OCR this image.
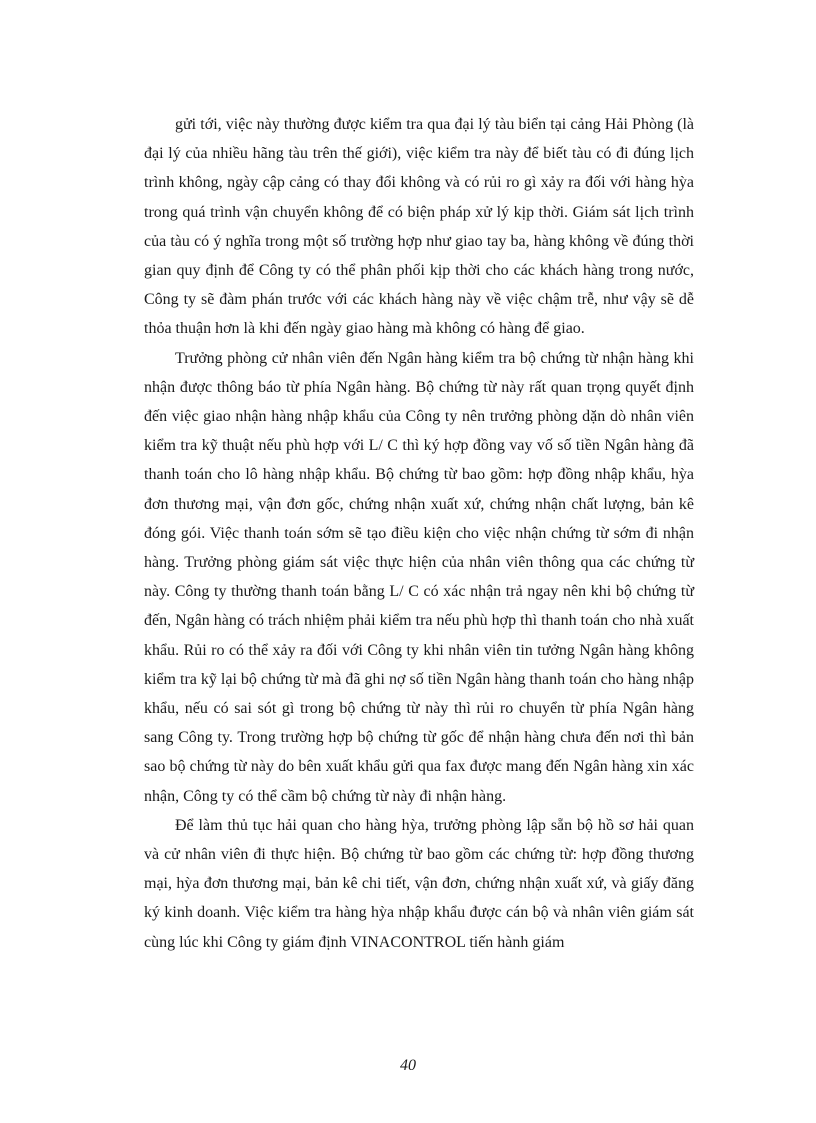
gửi tới, việc này thường được kiểm tra qua đại lý tàu biển tại cảng Hải Phòng (là đại lý của nhiều hãng tàu trên thế giới), việc kiểm tra này để biết tàu có đi đúng lịch trình không, ngày cập cảng có thay đổi không và có rủi ro gì xảy ra đối với hàng hỳa trong quá trình vận chuyển không để có biện pháp xử lý kịp thời. Giám sát lịch trình của tàu có ý nghĩa trong một số trường hợp như giao tay ba, hàng không về đúng thời gian quy định để Công ty có thể phân phối kịp thời cho các khách hàng trong nước, Công ty sẽ đàm phán trước với các khách hàng này về việc chậm trễ, như vậy sẽ dễ thỏa thuận hơn là khi đến ngày giao hàng mà không có hàng để giao.

Trưởng phòng cử nhân viên đến Ngân hàng kiểm tra bộ chứng từ nhận hàng khi nhận được thông báo từ phía Ngân hàng. Bộ chứng từ này rất quan trọng quyết định đến việc giao nhận hàng nhập khẩu của Công ty nên trưởng phòng dặn dò nhân viên kiểm tra kỹ thuật nếu phù hợp với L/ C thì ký hợp đồng vay vố số tiền Ngân hàng đã thanh toán cho lô hàng nhập khẩu. Bộ chứng từ bao gồm: hợp đồng nhập khẩu, hỳa đơn thương mại, vận đơn gốc, chứng nhận xuất xứ, chứng nhận chất lượng, bản kê đóng gói. Việc thanh toán sớm sẽ tạo điều kiện cho việc nhận chứng từ sớm đi nhận hàng. Trưởng phòng giám sát việc thực hiện của nhân viên thông qua các chứng từ này. Công ty thường thanh toán bằng L/ C có xác nhận trả ngay nên khi bộ chứng từ đến, Ngân hàng có trách nhiệm phải kiểm tra nếu phù hợp thì thanh toán cho nhà xuất khẩu. Rủi ro có thể xảy ra đối với Công ty khi nhân viên tin tưởng Ngân hàng không kiểm tra kỹ lại bộ chứng từ mà đã ghi nợ số tiền Ngân hàng thanh toán cho hàng nhập khẩu, nếu có sai sót gì trong bộ chứng từ này thì rủi ro chuyển từ phía Ngân hàng sang Công ty. Trong trường hợp bộ chứng từ gốc để nhận hàng chưa đến nơi thì bản sao bộ chứng từ này do bên xuất khẩu gửi qua fax được mang đến Ngân hàng xin xác nhận, Công ty có thể cầm bộ chứng từ này đi nhận hàng.

Để làm thủ tục hải quan cho hàng hỳa, trưởng phòng lập sẵn bộ hồ sơ hải quan và cử nhân viên đi thực hiện. Bộ chứng từ bao gồm các chứng từ: hợp đồng thương mại, hỳa đơn thương mại, bản kê chi tiết, vận đơn, chứng nhận xuất xứ, và giấy đăng ký kinh doanh. Việc kiểm tra hàng hỳa nhập khẩu được cán bộ và nhân viên giám sát cùng lúc khi Công ty giám định VINACONTROL tiến hành giám

40
